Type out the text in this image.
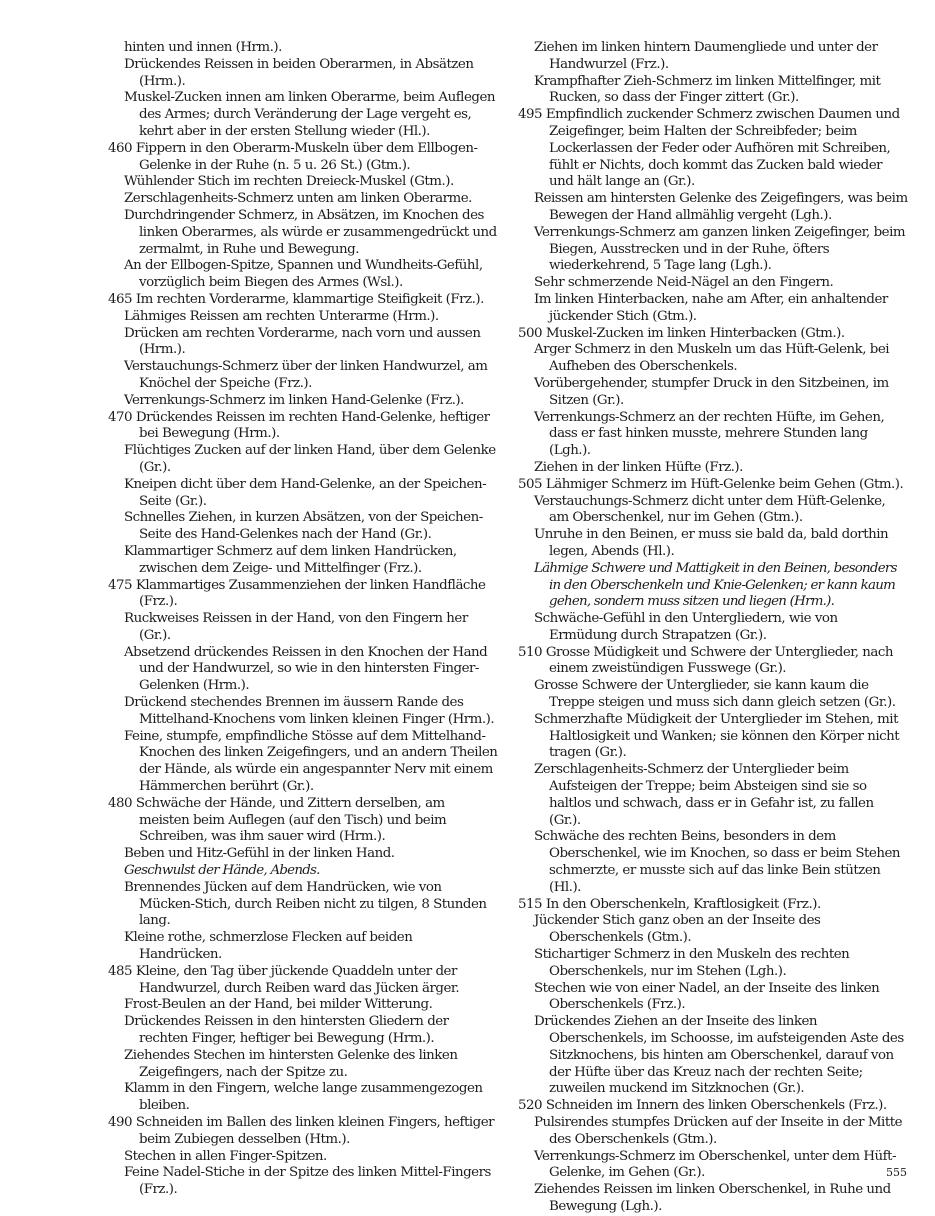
hinten und innen (Hrm.).

Drückendes Reissen in beiden Oberarmen, in Absätzen (Hrm.).

Muskel-Zucken innen am linken Oberarme, beim Auflegen des Armes; durch Veränderung der Lage vergeht es, kehrt aber in der ersten Stellung wieder (Hl.).

460 Fippern in den Oberarm-Muskeln über dem Ellbogen-Gelenke in der Ruhe (n. 5 u. 26 St.) (Gtm.).

Wühlender Stich im rechten Dreieck-Muskel (Gtm.).

Zerschlagenheits-Schmerz unten am linken Oberarme.

Durchdringender Schmerz, in Absätzen, im Knochen des linken Oberarmes, als würde er zusammengedrückt und zermalmt, in Ruhe und Bewegung.

An der Ellbogen-Spitze, Spannen und Wundheits-Gefühl, vorzüglich beim Biegen des Armes (Wsl.).

465 Im rechten Vorderarme, klammartige Steifigkeit (Frz.).

Lähmiges Reissen am rechten Unterarme (Hrm.).

Drücken am rechten Vorderarme, nach vorn und aussen (Hrm.).

Verstauchungs-Schmerz über der linken Handwurzel, am Knöchel der Speiche (Frz.).

Verrenkungs-Schmerz im linken Hand-Gelenke (Frz.).

470 Drückendes Reissen im rechten Hand-Gelenke, heftiger bei Bewegung (Hrm.).

Flüchtiges Zucken auf der linken Hand, über dem Gelenke (Gr.).

Kneipen dicht über dem Hand-Gelenke, an der Speichen-Seite (Gr.).

Schnelles Ziehen, in kurzen Absätzen, von der Speichen-Seite des Hand-Gelenkes nach der Hand (Gr.).

Klammartiger Schmerz auf dem linken Handrücken, zwischen dem Zeige- und Mittelfinger (Frz.).

475 Klammartiges Zusammenziehen der linken Handfläche (Frz.).

Ruckweises Reissen in der Hand, von den Fingern her (Gr.).

Absetzend drückendes Reissen in den Knochen der Hand und der Handwurzel, so wie in den hintersten Finger-Gelenken (Hrm.).

Drückend stechendes Brennen im äussern Rande des Mittelhand-Knochens vom linken kleinen Finger (Hrm.).

Feine, stumpfe, empfindliche Stösse auf dem Mittelhand-Knochen des linken Zeigefingers, und an andern Theilen der Hände, als würde ein angespannter Nerv mit einem Hämmerchen berührt (Gr.).

480 Schwäche der Hände, und Zittern derselben, am meisten beim Auflegen (auf den Tisch) und beim Schreiben, was ihm sauer wird (Hrm.).

Beben und Hitz-Gefühl in der linken Hand.

Geschwulst der Hände, Abends.

Brennendes Jücken auf dem Handrücken, wie von Mücken-Stich, durch Reiben nicht zu tilgen, 8 Stunden lang.

Kleine rothe, schmerzlose Flecken auf beiden Handrücken.

485 Kleine, den Tag über jückende Quaddeln unter der Handwurzel, durch Reiben ward das Jücken ärger.

Frost-Beulen an der Hand, bei milder Witterung.

Drückendes Reissen in den hintersten Gliedern der rechten Finger, heftiger bei Bewegung (Hrm.).

Ziehendes Stechen im hintersten Gelenke des linken Zeigefingers, nach der Spitze zu.

Klamm in den Fingern, welche lange zusammengezogen bleiben.

490 Schneiden im Ballen des linken kleinen Fingers, heftiger beim Zubiegen desselben (Htm.).

Stechen in allen Finger-Spitzen.

Feine Nadel-Stiche in der Spitze des linken Mittel-Fingers (Frz.).

Ziehen im linken hintern Daumengliede und unter der Handwurzel (Frz.).

Krampfhafter Zieh-Schmerz im linken Mittelfinger, mit Rucken, so dass der Finger zittert (Gr.).

495 Empfindlich zuckender Schmerz zwischen Daumen und Zeigefinger, beim Halten der Schreibfeder; beim Lockerlassen der Feder oder Aufhören mit Schreiben, fühlt er Nichts, doch kommt das Zucken bald wieder und hält lange an (Gr.).

Reissen am hintersten Gelenke des Zeigefingers, was beim Bewegen der Hand allmählig vergeht (Lgh.).

Verrenkungs-Schmerz am ganzen linken Zeigefinger, beim Biegen, Ausstrecken und in der Ruhe, öfters wiederkehrend, 5 Tage lang (Lgh.).

Sehr schmerzende Neid-Nägel an den Fingern.

Im linken Hinterbacken, nahe am After, ein anhaltender jückender Stich (Gtm.).

500 Muskel-Zucken im linken Hinterbacken (Gtm.).

Arger Schmerz in den Muskeln um das Hüft-Gelenk, bei Aufheben des Oberschenkels.

Vorübergehender, stumpfer Druck in den Sitzbeinen, im Sitzen (Gr.).

Verrenkungs-Schmerz an der rechten Hüfte, im Gehen, dass er fast hinken musste, mehrere Stunden lang (Lgh.).

Ziehen in der linken Hüfte (Frz.).

505 Lähmiger Schmerz im Hüft-Gelenke beim Gehen (Gtm.).

Verstauchungs-Schmerz dicht unter dem Hüft-Gelenke, am Oberschenkel, nur im Gehen (Gtm.).

Unruhe in den Beinen, er muss sie bald da, bald dorthin legen, Abends (Hl.).

Lähmige Schwere und Mattigkeit in den Beinen, besonders in den Oberschenkeln und Knie-Gelenken; er kann kaum gehen, sondern muss sitzen und liegen (Hrm.).

Schwäche-Gefühl in den Untergliedern, wie von Ermüdung durch Strapatzen (Gr.).

510 Grosse Müdigkeit und Schwere der Unterglieder, nach einem zweistündigen Fusswege (Gr.).

Grosse Schwere der Unterglieder, sie kann kaum die Treppe steigen und muss sich dann gleich setzen (Gr.).

Schmerzhafte Müdigkeit der Unterglieder im Stehen, mit Haltlosigkeit und Wanken; sie können den Körper nicht tragen (Gr.).

Zerschlagenheits-Schmerz der Unterglieder beim Aufsteigen der Treppe; beim Absteigen sind sie so haltlos und schwach, dass er in Gefahr ist, zu fallen (Gr.).

Schwäche des rechten Beins, besonders in dem Oberschenkel, wie im Knochen, so dass er beim Stehen schmerzte, er musste sich auf das linke Bein stützen (Hl.).

515 In den Oberschenkeln, Kraftlosigkeit (Frz.).

Jückender Stich ganz oben an der Inseite des Oberschenkels (Gtm.).

Stichartiger Schmerz in den Muskeln des rechten Oberschenkels, nur im Stehen (Lgh.).

Stechen wie von einer Nadel, an der Inseite des linken Oberschenkels (Frz.).

Drückendes Ziehen an der Inseite des linken Oberschenkels, im Schoosse, im aufsteigenden Aste des Sitzknochens, bis hinten am Oberschenkel, darauf von der Hüfte über das Kreuz nach der rechten Seite; zuweilen muckend im Sitzknochen (Gr.).

520 Schneiden im Innern des linken Oberschenkels (Frz.).

Pulsirendes stumpfes Drücken auf der Inseite in der Mitte des Oberschenkels (Gtm.).

Verrenkungs-Schmerz im Oberschenkel, unter dem Hüft-Gelenke, im Gehen (Gr.).

Ziehendes Reissen im linken Oberschenkel, in Ruhe und Bewegung (Lgh.).

555
